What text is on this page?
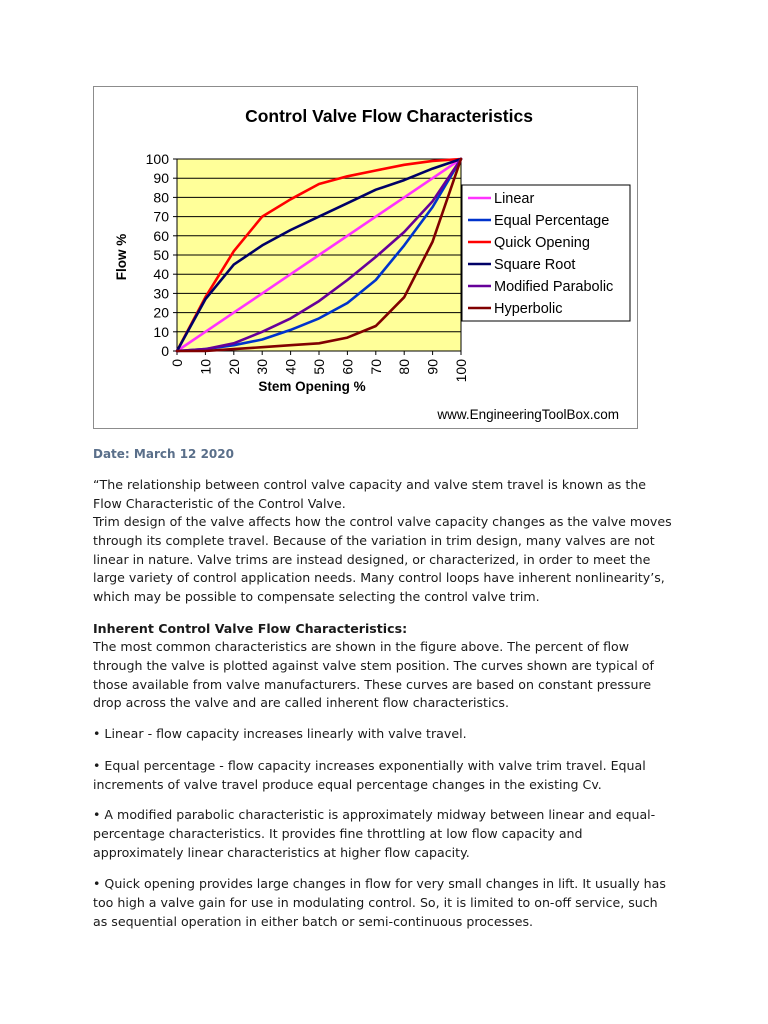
Control Valve Flow Characteristics
0
10
20
30
40
50
60
70
80
90
100
0 10 20 30 40 50 60 70 80 90 100
Flow %
Stem Opening %
Linear
Equal Percentage
Quick Opening
Square Root
Modified Parabolic
Hyperbolic
www.EngineeringToolBox.com

Date: March 12 2020

“The relationship between control valve capacity and valve stem travel is known as the Flow Characteristic of the Control Valve.

Trim design of the valve affects how the control valve capacity changes as the valve moves through its complete travel. Because of the variation in trim design, many valves are not linear in nature. Valve trims are instead designed, or characterized, in order to meet the large variety of control application needs. Many control loops have inherent nonlinearity’s, which may be possible to compensate selecting the control valve trim.

Inherent Control Valve Flow Characteristics:

The most common characteristics are shown in the figure above. The percent of flow through the valve is plotted against valve stem position. The curves shown are typical of those available from valve manufacturers. These curves are based on constant pressure drop across the valve and are called inherent flow characteristics.

• Linear - flow capacity increases linearly with valve travel.

• Equal percentage - flow capacity increases exponentially with valve trim travel. Equal increments of valve travel produce equal percentage changes in the existing Cv.

• A modified parabolic characteristic is approximately midway between linear and equal-percentage characteristics. It provides fine throttling at low flow capacity and approximately linear characteristics at higher flow capacity.

• Quick opening provides large changes in flow for very small changes in lift. It usually has too high a valve gain for use in modulating control. So, it is limited to on-off service, such as sequential operation in either batch or semi-continuous processes.
